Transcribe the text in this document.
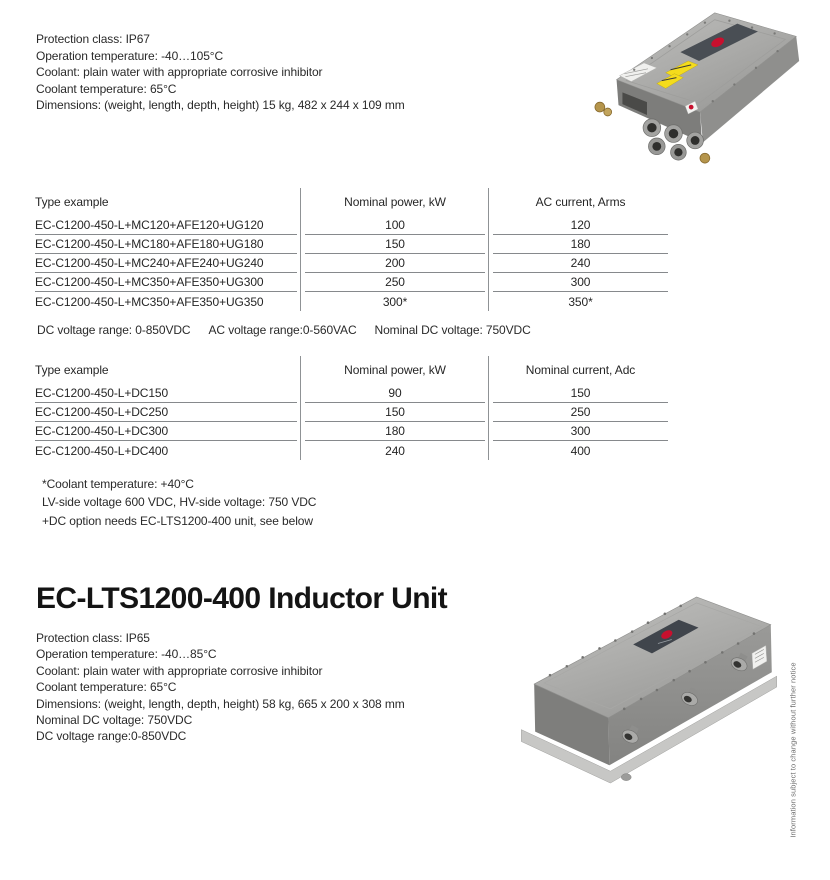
Protection class: IP67
Operation temperature: -40…105°C
Coolant: plain water with appropriate corrosive inhibitor
Coolant temperature: 65°C
Dimensions: (weight, length, depth, height) 15 kg, 482 x 244 x 109 mm
Type example	Nominal power, kW	AC current, Arms
EC-C1200-450-L+MC120+AFE120+UG120	100	120
EC-C1200-450-L+MC180+AFE180+UG180	150	180
EC-C1200-450-L+MC240+AFE240+UG240	200	240
EC-C1200-450-L+MC350+AFE350+UG300	250	300
EC-C1200-450-L+MC350+AFE350+UG350	300*	350*
DC voltage range: 0-850VDC AC voltage range:0-560VAC Nominal DC voltage: 750VDC
Type example	Nominal power, kW	Nominal current, Adc
EC-C1200-450-L+DC150	90	150
EC-C1200-450-L+DC250	150	250
EC-C1200-450-L+DC300	180	300
EC-C1200-450-L+DC400	240	400
*Coolant temperature: +40°C
LV-side voltage 600 VDC, HV-side voltage: 750 VDC
+DC option needs EC-LTS1200-400 unit, see below
EC-LTS1200-400 Inductor Unit
Protection class: IP65
Operation temperature: -40…85°C
Coolant: plain water with appropriate corrosive inhibitor
Coolant temperature: 65°C
Dimensions: (weight, length, depth, height) 58 kg, 665 x 200 x 308 mm
Nominal DC voltage: 750VDC
DC voltage range:0-850VDC	Information subject to change without further notice
